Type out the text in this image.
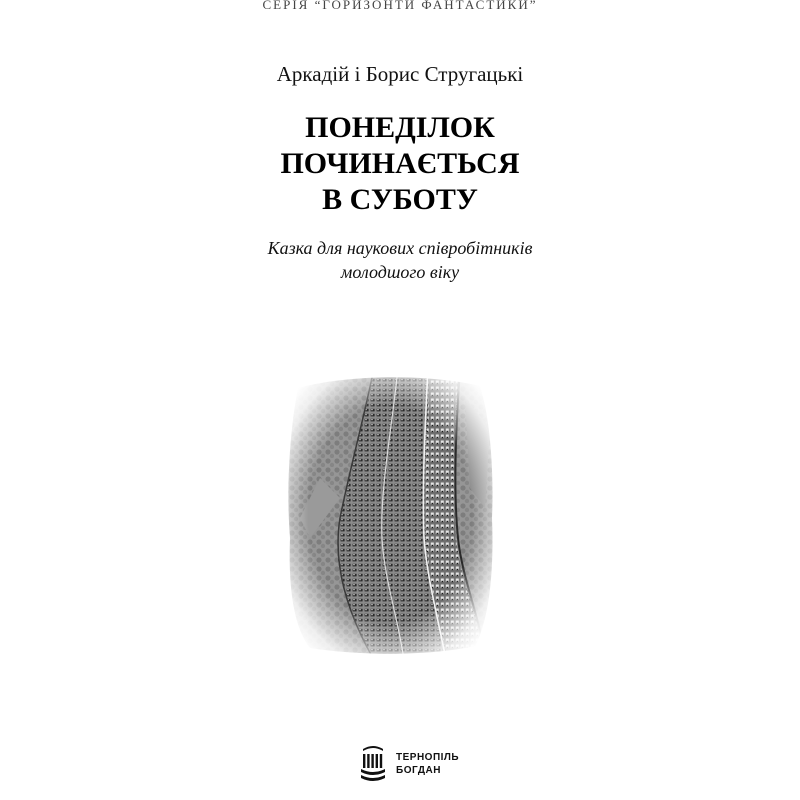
СЕРІЯ “ГОРИЗОНТИ ФАНТАСТИКИ”
Аркадій і Борис Стругацькі
ПОНЕДІЛОК
ПОЧИНАЄТЬСЯ
В СУБОТУ
Казка для наукових співробітників
молодшого віку
ТЕРНОПІЛЬ
БОГДАН
